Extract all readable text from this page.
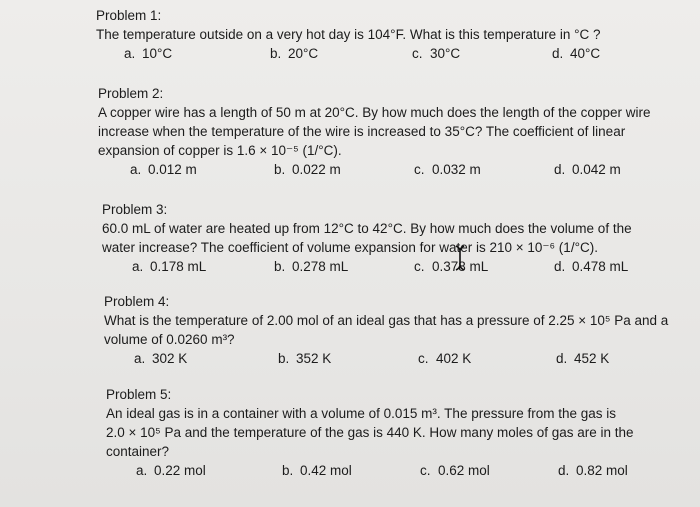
Problem 1:
The temperature outside on a very hot day is 104°F. What is this temperature in °C ?
a. 10°C	b. 20°C	c. 30°C	d. 40°C
Problem 2:
A copper wire has a length of 50 m at 20°C. By how much does the length of the copper wire increase when the temperature of the wire is increased to 35°C? The coefficient of linear expansion of copper is 1.6 × 10⁻⁵ (1/°C).
a. 0.012 m	b. 0.022 m	c. 0.032 m	d. 0.042 m
Problem 3:
60.0 mL of water are heated up from 12°C to 42°C. By how much does the volume of the water increase? The coefficient of volume expansion for water is 210 × 10⁻⁶ (1/°C).
a. 0.178 mL	b. 0.278 mL	c. 0.378 mL	d. 0.478 mL
Problem 4:
What is the temperature of 2.00 mol of an ideal gas that has a pressure of 2.25 × 10⁵ Pa and a volume of 0.0260 m³?
a. 302 K	b. 352 K	c. 402 K	d. 452 K
Problem 5:
An ideal gas is in a container with a volume of 0.015 m³. The pressure from the gas is 2.0 × 10⁵ Pa and the temperature of the gas is 440 K. How many moles of gas are in the container?
a. 0.22 mol	b. 0.42 mol	c. 0.62 mol	d. 0.82 mol
